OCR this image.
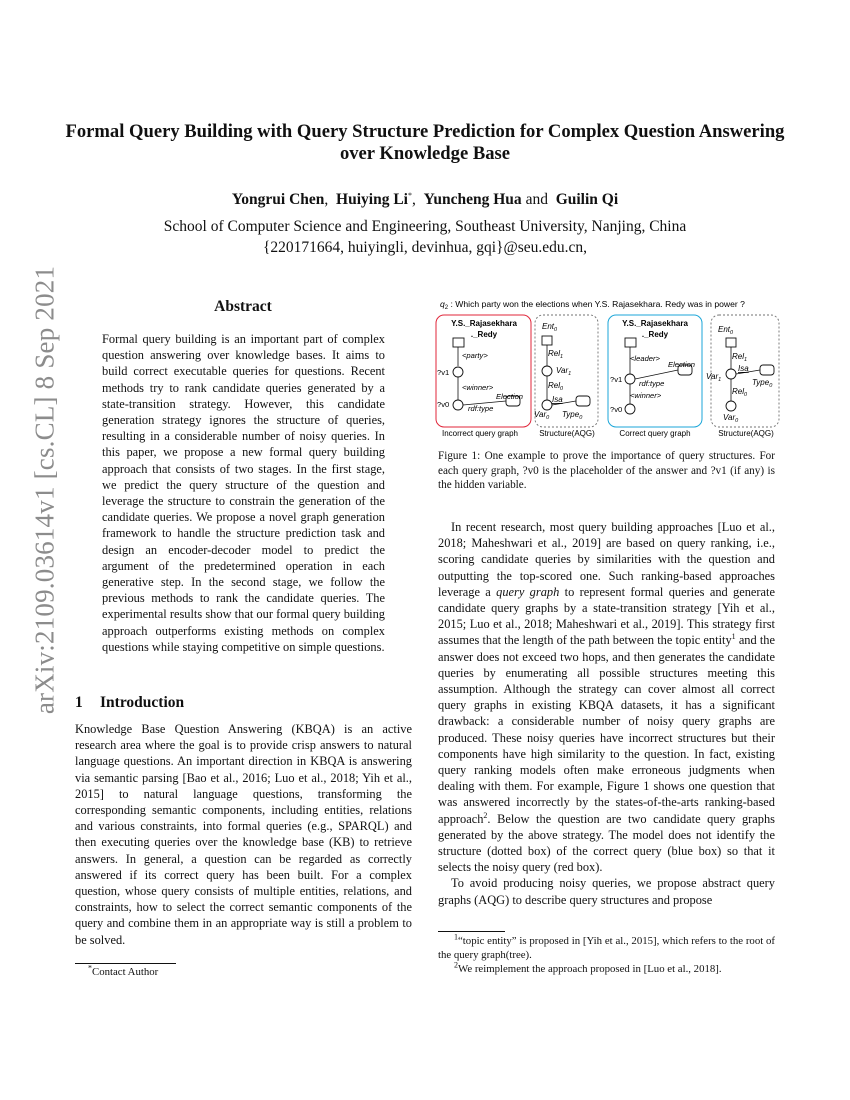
Formal Query Building with Query Structure Prediction for Complex Question Answering over Knowledge Base
Yongrui Chen,  Huiying Li*,  Yuncheng Hua and  Guilin Qi
School of Computer Science and Engineering, Southeast University, Nanjing, China
{220171664, huiyingli, devinhua, gqi}@seu.edu.cn,
arXiv:2109.03614v1 [cs.CL] 8 Sep 2021	Abstract
Formal query building is an important part of complex question answering over knowledge bases. It aims to build correct executable queries for questions. Recent methods try to rank candidate queries generated by a state-transition strategy. However, this candidate generation strategy ignores the structure of queries, resulting in a considerable number of noisy queries. In this paper, we propose a new formal query building approach that consists of two stages. In the first stage, we predict the query structure of the question and leverage the structure to constrain the generation of the candidate queries. We propose a novel graph generation framework to handle the structure prediction task and design an encoder-decoder model to predict the argument of the predetermined operation in each generative step. In the second stage, we follow the previous methods to rank the candidate queries. The experimental results show that our formal query building approach outperforms existing methods on complex questions while staying competitive on simple questions.
1 Introduction

Knowledge Base Question Answering (KBQA) is an active research area where the goal is to provide crisp answers to natural language questions. An important direction in KBQA is answering via semantic parsing [Bao et al., 2016; Luo et al., 2018; Yih et al., 2015] to natural language questions, transforming the corresponding semantic components, including entities, relations and various constraints, into formal queries (e.g., SPARQL) and then executing queries over the knowledge base (KB) to retrieve answers. In general, a question can be regarded as correctly answered if its correct query has been built. For a complex question, whose query consists of multiple entities, relations, and constraints, how to select the correct semantic components of the query and combine them in an appropriate way is still a problem to be solved.

*Contact Author
$q_2$ : Which party won the elections when Y.S. Rajasekhara. Redy was in power ?
Y.S._Rajasekhara
._Redy
<party>
?v1
<winner>
?v0 rdf:type
Election
Incorrect query graph
Ent$_0$
Rel$_1$
Var$_1$
Rel$_0$
Isa
Var$_0$ Type$_0$
Structure(AQG)
Y.S._Rajasekhara
._Redy
<leader>
?v1 rdf:type
Election
<winner>
?v0
Correct query graph
Ent$_0$
Rel$_1$
Var$_1$
Isa
Type$_0$
Rel$_0$
Var$_0$
Structure(AQG)
Figure 1: One example to prove the importance of query structures. For each query graph, ?v0 is the placeholder of the answer and ?v1 (if any) is the hidden variable.

In recent research, most query building approaches [Luo et al., 2018; Maheshwari et al., 2019] are based on query ranking, i.e., scoring candidate queries by similarities with the question and outputting the top-scored one. Such ranking-based approaches leverage a query graph to represent formal queries and generate candidate query graphs by a state-transition strategy [Yih et al., 2015; Luo et al., 2018; Maheshwari et al., 2019]. This strategy first assumes that the length of the path between the topic entity$^1$ and the answer does not exceed two hops, and then generates the candidate queries by enumerating all possible structures meeting this assumption. Although the strategy can cover almost all correct query graphs in existing KBQA datasets, it has a significant drawback: a considerable number of noisy query graphs are produced. These noisy queries have incorrect structures but their components have high similarity to the question. In fact, existing query ranking models often make erroneous judgments when dealing with them. For example, Figure 1 shows one question that was answered incorrectly by the states-of-the-arts ranking-based approach$^2$. Below the question are two candidate query graphs generated by the above strategy. The model does not identify the structure (dotted box) of the correct query (blue box) so that it selects the noisy query (red box).

To avoid producing noisy queries, we propose abstract query graphs (AQG) to describe query structures and propose

$^1$“topic entity” is proposed in [Yih et al., 2015], which refers to the root of the query graph(tree).
$^2$We reimplement the approach proposed in [Luo et al., 2018].
